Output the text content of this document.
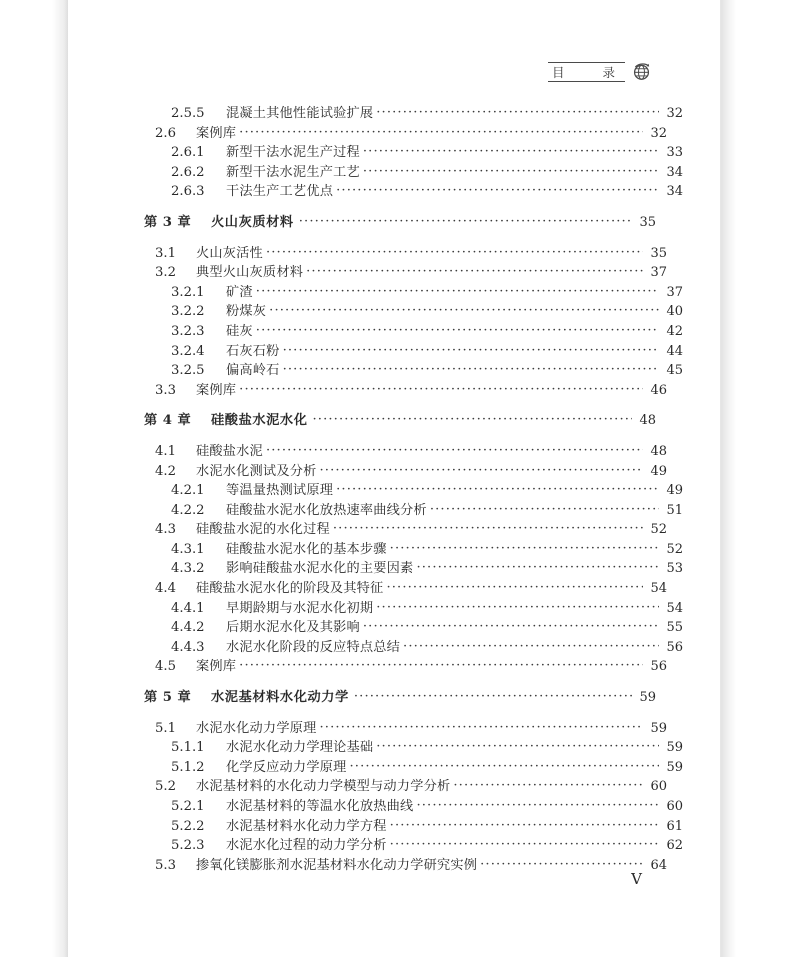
目  录
2.5.5	混凝土其他性能试验扩展 ·····	32
2.6	案例库 ·····	32
2.6.1	新型干法水泥生产过程 ·····	33
2.6.2	新型干法水泥生产工艺 ·····	34
2.6.3	干法生产工艺优点 ·····	34
第 3 章	火山灰质材料 ·····	35
3.1	火山灰活性 ·····	35
3.2	典型火山灰质材料 ·····	37
3.2.1	矿渣 ·····	37
3.2.2	粉煤灰 ·····	40
3.2.3	硅灰 ·····	42
3.2.4	石灰石粉 ·····	44
3.2.5	偏高岭石 ·····	45
3.3	案例库 ·····	46
第 4 章	硅酸盐水泥水化 ·····	48
4.1	硅酸盐水泥 ·····	48
4.2	水泥水化测试及分析 ·····	49
4.2.1	等温量热测试原理 ·····	49
4.2.2	硅酸盐水泥水化放热速率曲线分析 ·····	51
4.3	硅酸盐水泥的水化过程 ·····	52
4.3.1	硅酸盐水泥水化的基本步骤 ·····	52
4.3.2	影响硅酸盐水泥水化的主要因素 ·····	53
4.4	硅酸盐水泥水化的阶段及其特征 ·····	54
4.4.1	早期龄期与水泥水化初期 ·····	54
4.4.2	后期水泥水化及其影响 ·····	55
4.4.3	水泥水化阶段的反应特点总结 ·····	56
4.5	案例库 ·····	56
第 5 章	水泥基材料水化动力学 ·····	59
5.1	水泥水化动力学原理 ·····	59
5.1.1	水泥水化动力学理论基础 ·····	59
5.1.2	化学反应动力学原理 ·····	59
5.2	水泥基材料的水化动力学模型与动力学分析 ·····	60
5.2.1	水泥基材料的等温水化放热曲线 ·····	60
5.2.2	水泥基材料水化动力学方程 ·····	61
5.2.3	水泥水化过程的动力学分析 ·····	62
5.3	掺氧化镁膨胀剂水泥基材料水化动力学研究实例 ·····	64
V
